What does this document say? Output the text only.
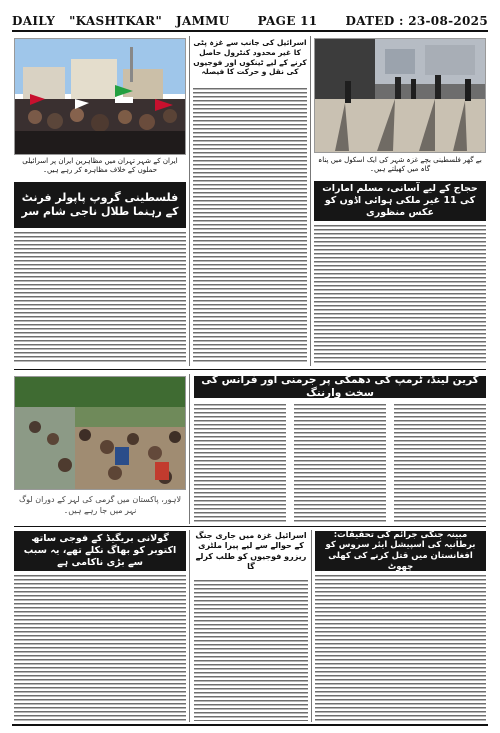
DAILY "KASHTKAR" JAMMU PAGE 11 DATED : 23-08-2025
ایران کے شہر تہران میں مظاہرین ایران پر اسرائیلی حملوں کے خلاف مظاہرہ کر رہے ہیں۔
فلسطینی گروپ پاپولر فرنٹ کے رہنما طلال ناجی شام سر
اسرائیل کی جانب سے غزہ پٹی کا غیر محدود کنٹرول حاصل کرنے کے لیے ٹینکوں اور فوجیوں کی نقل و حرکت کا فیصلہ
بے گھر فلسطینی بچے غزہ شہر کی ایک اسکول میں پناہ گاہ میں کھیلتے ہیں۔
حجاج کے لیے آسانی، مسلم امارات کی 11 غیر ملکی ہوائی اڈوں کو عکس منظوری
لاہور، پاکستان میں گرمی کی لہر کے دوران لوگ نہر میں جا رہے ہیں۔
گرین لینڈ، ٹرمپ کی دھمکی پر جرمنی اور فرانس کی سخت وارننگ
گولانی بریگیڈ کے فوجی ساتھ اکتوبر کو بھاگ نکلے تھے، یہ سبب سے بڑی ناکامی ہے
اسرائیل غزہ میں جاری جنگ کے حوالے سے لیے پیرا ملٹری ریزرو فوجیوں کو طلب کرلے گا
مبینہ جنگی جرائم کی تحقیقات: برطانیہ کی اسپیشل ایئر سروس کو افغانستان میں قتل کرنے کی کھلی چھوٹ
